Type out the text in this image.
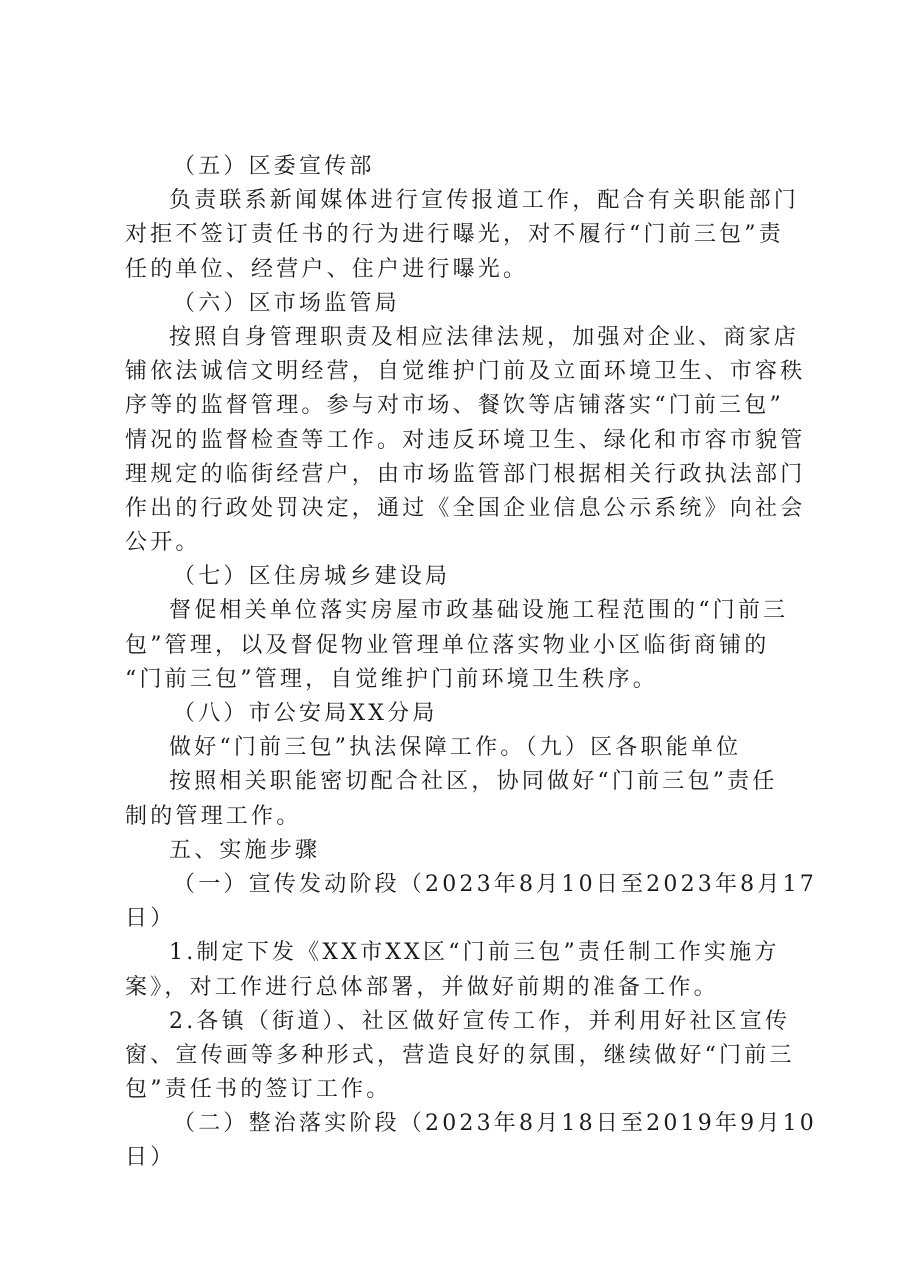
（五）区委宣传部
负责联系新闻媒体进行宣传报道工作，配合有关职能部门
对拒不签订责任书的行为进行曝光，对不履行“门前三包”责
任的单位、经营户、住户进行曝光。
（六）区市场监管局
按照自身管理职责及相应法律法规，加强对企业、商家店
铺依法诚信文明经营，自觉维护门前及立面环境卫生、市容秩
序等的监督管理。参与对市场、餐饮等店铺落实“门前三包”
情况的监督检查等工作。对违反环境卫生、绿化和市容市貌管
理规定的临街经营户，由市场监管部门根据相关行政执法部门
作出的行政处罚决定，通过《全国企业信息公示系统》向社会
公开。
（七）区住房城乡建设局
督促相关单位落实房屋市政基础设施工程范围的“门前三
包”管理，以及督促物业管理单位落实物业小区临街商铺的
“门前三包”管理，自觉维护门前环境卫生秩序。
（八）市公安局XX分局
做好“门前三包”执法保障工作。（九）区各职能单位
按照相关职能密切配合社区，协同做好“门前三包”责任
制的管理工作。
五、实施步骤
（一）宣传发动阶段（2023年8月10日至2023年8月17
日）
1.制定下发《XX市XX区“门前三包”责任制工作实施方
案》，对工作进行总体部署，并做好前期的准备工作。
2.各镇（街道）、社区做好宣传工作，并利用好社区宣传
窗、宣传画等多种形式，营造良好的氛围，继续做好“门前三
包”责任书的签订工作。
（二）整治落实阶段（2023年8月18日至2019年9月10
日）
